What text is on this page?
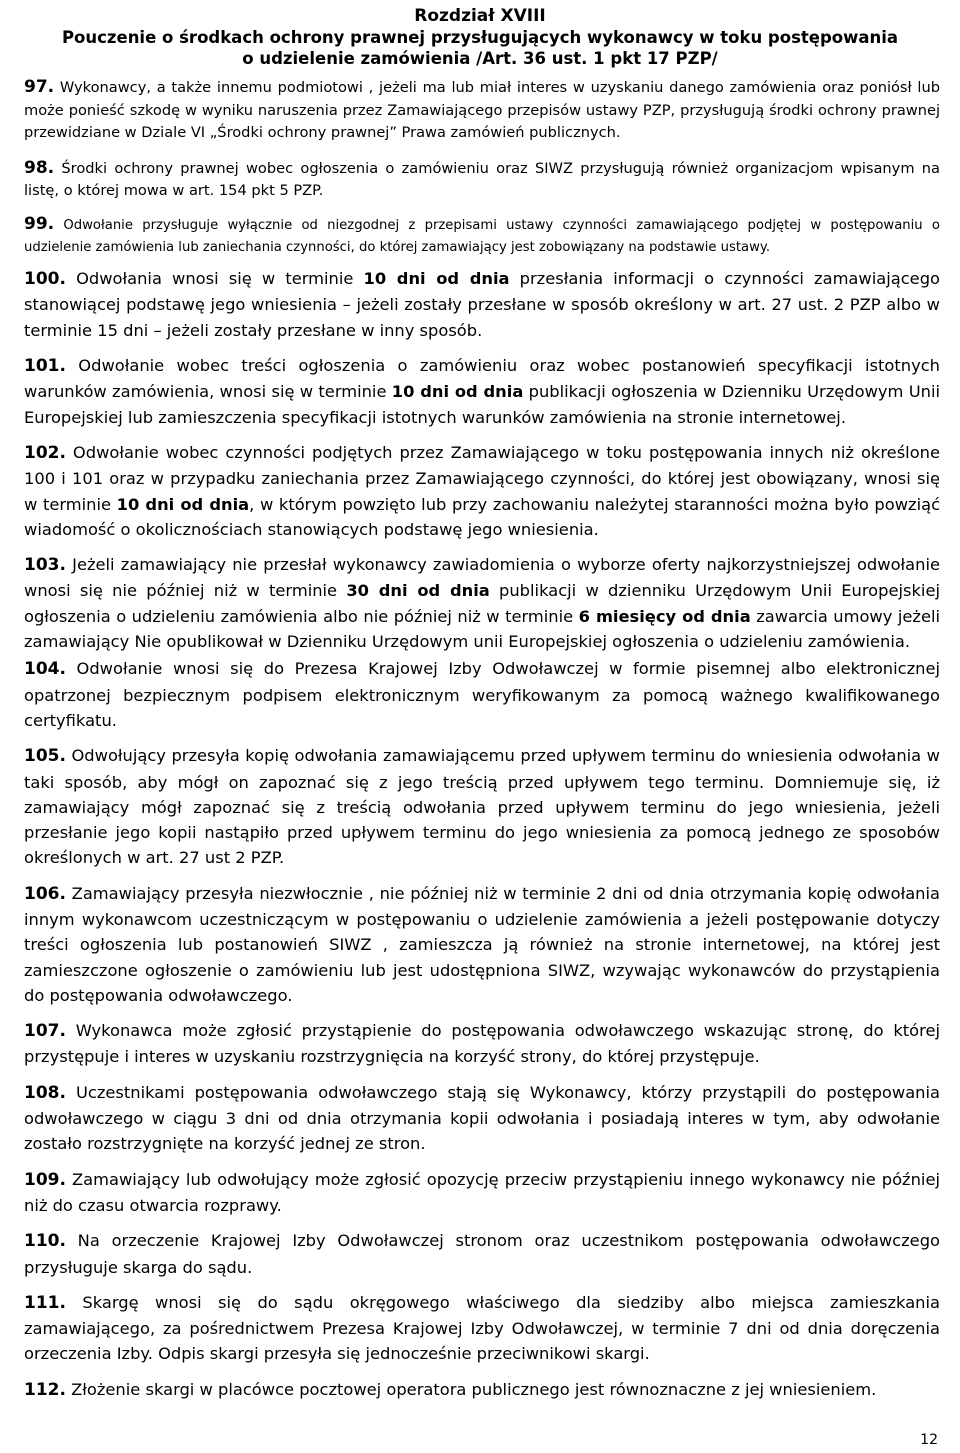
Rozdział XVIII
Pouczenie o środkach ochrony prawnej przysługujących wykonawcy w toku postępowania
o udzielenie zamówienia /Art. 36 ust. 1 pkt 17 PZP/

97. Wykonawcy, a także innemu podmiotowi , jeżeli ma lub miał interes w uzyskaniu danego zamówienia oraz poniósł lub może ponieść szkodę w wyniku naruszenia przez Zamawiającego przepisów ustawy PZP, przysługują środki ochrony prawnej przewidziane w Dziale VI „Środki ochrony prawnej” Prawa zamówień publicznych.

98. Środki ochrony prawnej wobec ogłoszenia o zamówieniu oraz SIWZ przysługują również organizacjom wpisanym na listę, o której mowa w art. 154 pkt 5 PZP.

99. Odwołanie przysługuje wyłącznie od niezgodnej z przepisami ustawy czynności zamawiającego podjętej w postępowaniu o udzielenie zamówienia lub zaniechania czynności, do której zamawiający jest zobowiązany na podstawie ustawy.

100. Odwołania wnosi się w terminie 10 dni od dnia przesłania informacji o czynności zamawiającego stanowiącej podstawę jego wniesienia – jeżeli zostały przesłane w sposób określony w art. 27 ust. 2 PZP albo w terminie 15 dni – jeżeli zostały przesłane w inny sposób.

101. Odwołanie wobec treści ogłoszenia o zamówieniu oraz wobec postanowień specyfikacji istotnych warunków zamówienia, wnosi się w terminie 10 dni od dnia publikacji ogłoszenia w Dzienniku Urzędowym Unii Europejskiej lub zamieszczenia specyfikacji istotnych warunków zamówienia na stronie internetowej.

102. Odwołanie wobec czynności podjętych przez Zamawiającego w toku postępowania innych niż określone 100 i 101 oraz w przypadku zaniechania przez Zamawiającego czynności, do której jest obowiązany, wnosi się w terminie 10 dni od dnia, w którym powzięto lub przy zachowaniu należytej staranności można było powziąć wiadomość o okolicznościach stanowiących podstawę jego wniesienia.

103. Jeżeli zamawiający nie przesłał wykonawcy zawiadomienia o wyborze oferty najkorzystniejszej odwołanie wnosi się nie później niż w terminie 30 dni od dnia publikacji w dzienniku Urzędowym Unii Europejskiej ogłoszenia o udzieleniu zamówienia albo nie później niż w terminie 6 miesięcy od dnia zawarcia umowy jeżeli zamawiający Nie opublikował w Dzienniku Urzędowym unii Europejskiej ogłoszenia o udzieleniu zamówienia.

104. Odwołanie wnosi się do Prezesa Krajowej Izby Odwoławczej w formie pisemnej albo elektronicznej opatrzonej bezpiecznym podpisem elektronicznym weryfikowanym za pomocą ważnego kwalifikowanego certyfikatu.

105. Odwołujący przesyła kopię odwołania zamawiającemu przed upływem terminu do wniesienia odwołania w taki sposób, aby mógł on zapoznać się z jego treścią przed upływem tego terminu. Domniemuje się, iż zamawiający mógł zapoznać się z treścią odwołania przed upływem terminu do jego wniesienia, jeżeli przesłanie jego kopii nastąpiło przed upływem terminu do jego wniesienia za pomocą jednego ze sposobów określonych w art. 27 ust 2 PZP.

106. Zamawiający przesyła niezwłocznie , nie później niż w terminie 2 dni od dnia otrzymania kopię odwołania innym wykonawcom uczestniczącym w postępowaniu o udzielenie zamówienia a jeżeli postępowanie dotyczy treści ogłoszenia lub postanowień SIWZ , zamieszcza ją również na stronie internetowej, na której jest zamieszczone ogłoszenie o zamówieniu lub jest udostępniona SIWZ, wzywając wykonawców do przystąpienia do postępowania odwoławczego.

107. Wykonawca może zgłosić przystąpienie do postępowania odwoławczego wskazując stronę, do której przystępuje i interes w uzyskaniu rozstrzygnięcia na korzyść strony, do której przystępuje.

108. Uczestnikami postępowania odwoławczego stają się Wykonawcy, którzy przystąpili do postępowania odwoławczego w ciągu 3 dni od dnia otrzymania kopii odwołania i posiadają interes w tym, aby odwołanie zostało rozstrzygnięte na korzyść jednej ze stron.

109. Zamawiający lub odwołujący może zgłosić opozycję przeciw przystąpieniu innego wykonawcy nie później niż do czasu otwarcia rozprawy.

110. Na orzeczenie Krajowej Izby Odwoławczej stronom oraz uczestnikom postępowania odwoławczego przysługuje skarga do sądu.

111. Skargę wnosi się do sądu okręgowego właściwego dla siedziby albo miejsca zamieszkania zamawiającego, za pośrednictwem Prezesa Krajowej Izby Odwoławczej, w terminie 7 dni od dnia doręczenia orzeczenia Izby. Odpis skargi przesyła się jednocześnie przeciwnikowi skargi.

112. Złożenie skargi w placówce pocztowej operatora publicznego jest równoznaczne z jej wniesieniem.

12
